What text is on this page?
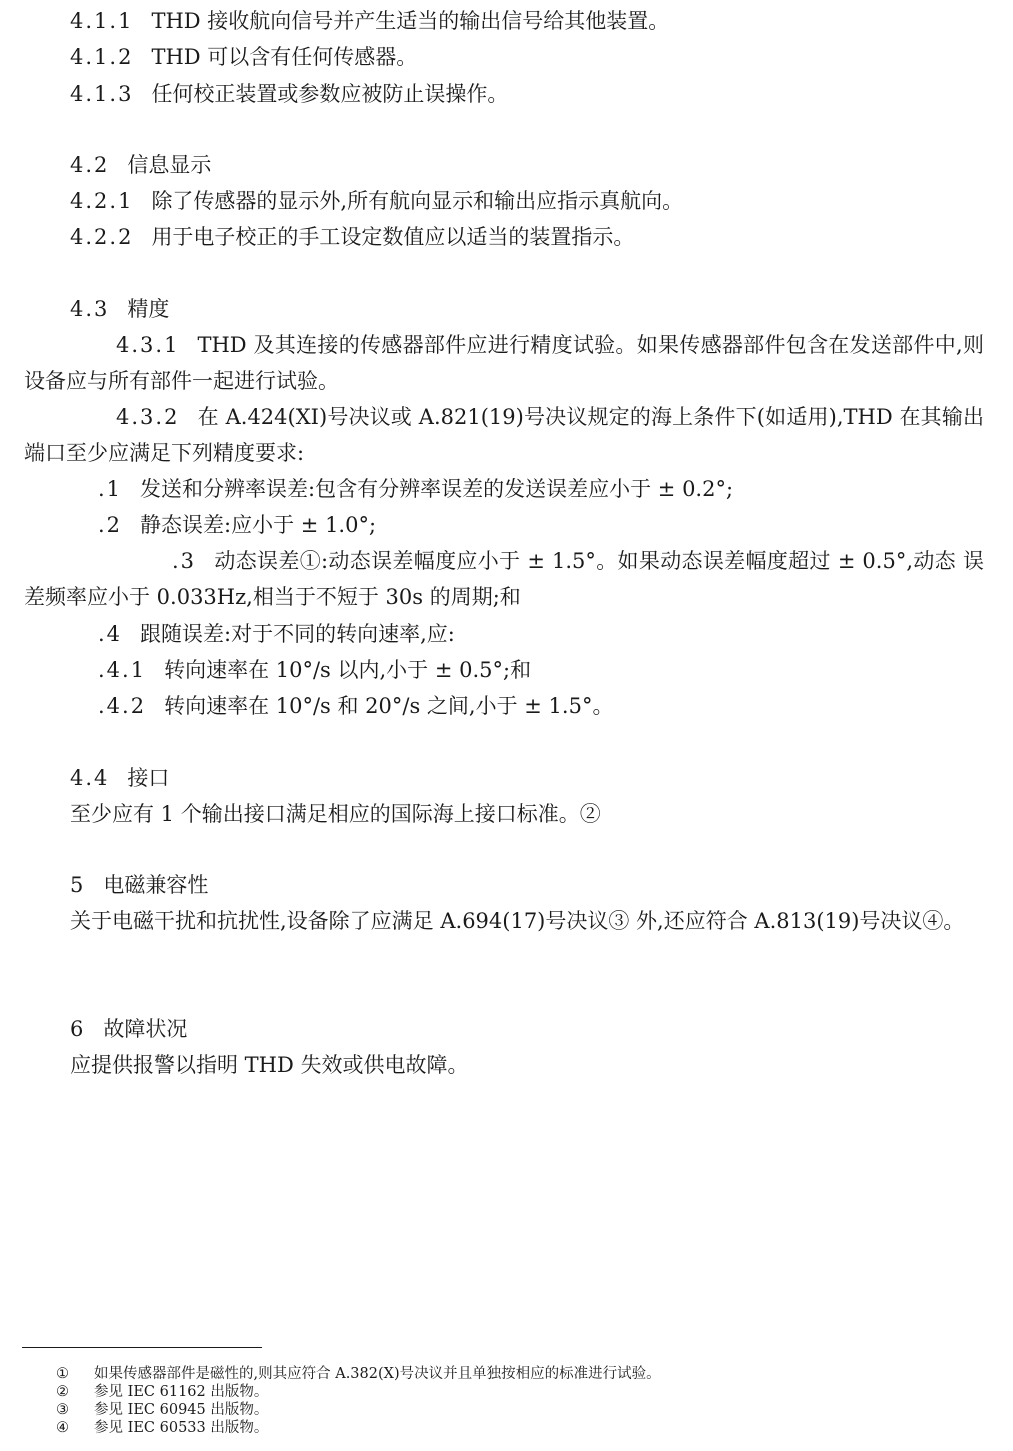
4.1.1 THD 接收航向信号并产生适当的输出信号给其他装置。
4.1.2 THD 可以含有任何传感器。
4.1.3 任何校正装置或参数应被防止误操作。
4.2 信息显示
4.2.1 除了传感器的显示外,所有航向显示和输出应指示真航向。
4.2.2 用于电子校正的手工设定数值应以适当的装置指示。
4.3 精度
4.3.1 THD 及其连接的传感器部件应进行精度试验。如果传感器部件包含在发送部件中,则设备应与所有部件一起进行试验。
4.3.2 在 A.424(XI)号决议或 A.821(19)号决议规定的海上条件下(如适用),THD 在其输出端口至少应满足下列精度要求:
.1 发送和分辨率误差:包含有分辨率误差的发送误差应小于 ± 0.2°;
.2 静态误差:应小于 ± 1.0°;
.3 动态误差①:动态误差幅度应小于 ± 1.5°。如果动态误差幅度超过 ± 0.5°,动态 误差频率应小于 0.033Hz,相当于不短于 30s 的周期;和
.4 跟随误差:对于不同的转向速率,应:
.4.1 转向速率在 10°/s 以内,小于 ± 0.5°;和
.4.2 转向速率在 10°/s 和 20°/s 之间,小于 ± 1.5°。
4.4 接口
至少应有 1 个输出接口满足相应的国际海上接口标准。②
5 电磁兼容性
关于电磁干扰和抗扰性,设备除了应满足 A.694(17)号决议③ 外,还应符合 A.813(19)号决议④。
6 故障状况
应提供报警以指明 THD 失效或供电故障。
① 如果传感器部件是磁性的,则其应符合 A.382(X)号决议并且单独按相应的标准进行试验。
② 参见 IEC 61162 出版物。
③ 参见 IEC 60945 出版物。
④ 参见 IEC 60533 出版物。
